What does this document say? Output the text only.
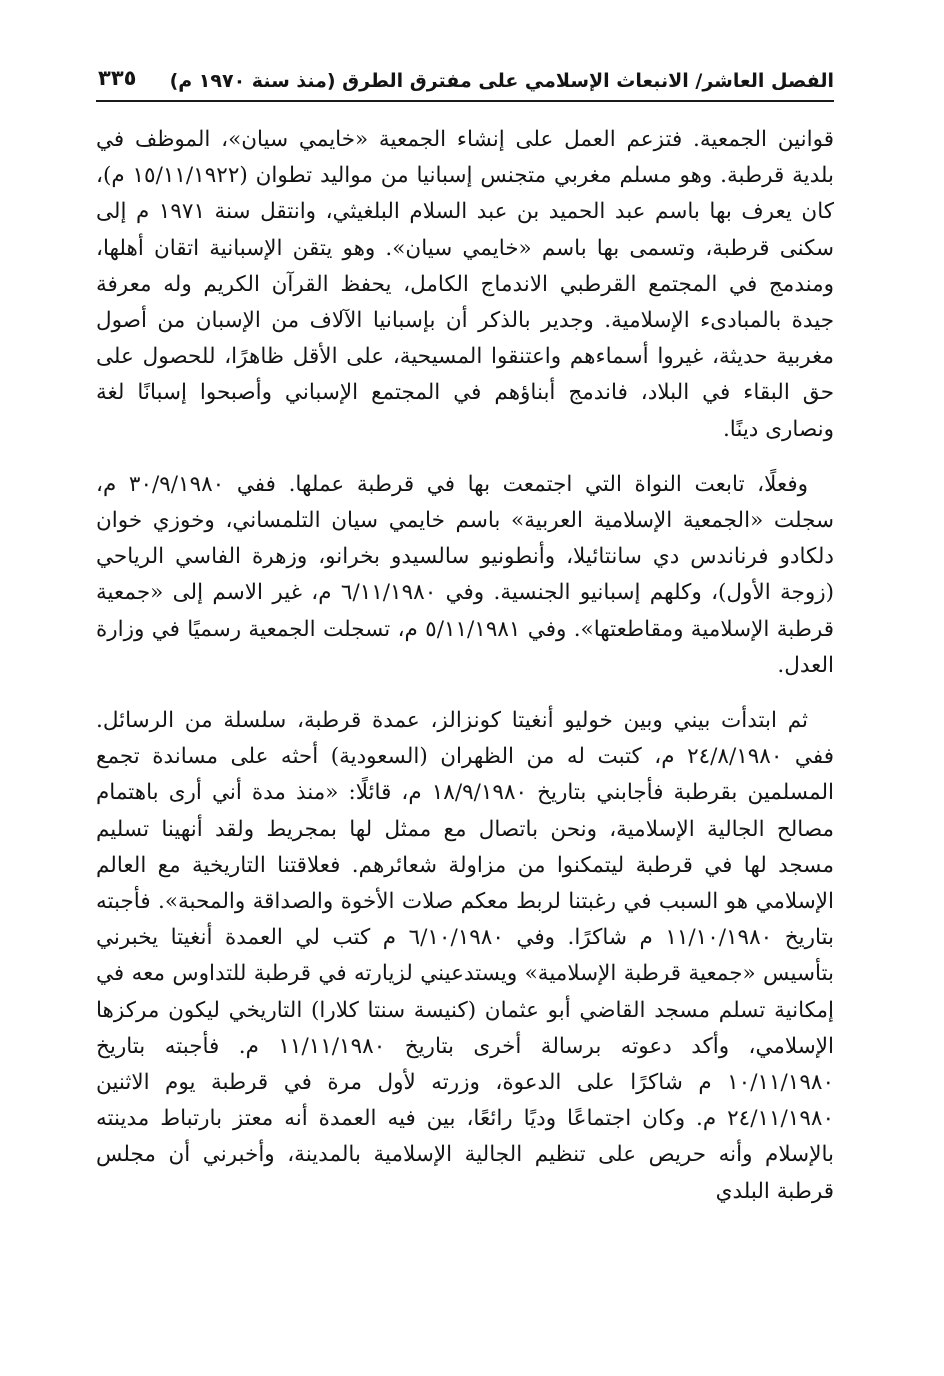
الفصل العاشر/ الانبعاث الإسلامي على مفترق الطرق (منذ سنة ١٩٧٠ م)
٣٣٥

قوانين الجمعية. فتزعم العمل على إنشاء الجمعية «خايمي سيان»، الموظف في بلدية قرطبة. وهو مسلم مغربي متجنس إسبانيا من مواليد تطوان (١٥/١١/١٩٢٢ م)، كان يعرف بها باسم عبد الحميد بن عبد السلام البلغيثي، وانتقل سنة ١٩٧١ م إلى سكنى قرطبة، وتسمى بها باسم «خايمي سيان». وهو يتقن الإسبانية اتقان أهلها، ومندمج في المجتمع القرطبي الاندماج الكامل، يحفظ القرآن الكريم وله معرفة جيدة بالمبادىء الإسلامية. وجدير بالذكر أن بإسبانيا الآلاف من الإسبان من أصول مغربية حديثة، غيروا أسماءهم واعتنقوا المسيحية، على الأقل ظاهرًا، للحصول على حق البقاء في البلاد، فاندمج أبناؤهم في المجتمع الإسباني وأصبحوا إسبانًا لغة ونصارى دينًا.

وفعلًا، تابعت النواة التي اجتمعت بها في قرطبة عملها. ففي ٣٠/٩/١٩٨٠ م، سجلت «الجمعية الإسلامية العربية» باسم خايمي سيان التلمساني، وخوزي خوان دلكادو فرناندس دي سانتائيلا، وأنطونيو سالسيدو بخرانو، وزهرة الفاسي الرياحي (زوجة الأول)، وكلهم إسبانيو الجنسية. وفي ٦/١١/١٩٨٠ م، غير الاسم إلى «جمعية قرطبة الإسلامية ومقاطعتها». وفي ٥/١١/١٩٨١ م، تسجلت الجمعية رسميًا في وزارة العدل.

ثم ابتدأت بيني وبين خوليو أنغيتا كونزالز، عمدة قرطبة، سلسلة من الرسائل. ففي ٢٤/٨/١٩٨٠ م، كتبت له من الظهران (السعودية) أحثه على مساندة تجمع المسلمين بقرطبة فأجابني بتاريخ ١٨/٩/١٩٨٠ م، قائلًا: «منذ مدة أني أرى باهتمام مصالح الجالية الإسلامية، ونحن باتصال مع ممثل لها بمجريط ولقد أنهينا تسليم مسجد لها في قرطبة ليتمكنوا من مزاولة شعائرهم. فعلاقتنا التاريخية مع العالم الإسلامي هو السبب في رغبتنا لربط معكم صلات الأخوة والصداقة والمحبة». فأجبته بتاريخ ١١/١٠/١٩٨٠ م شاكرًا. وفي ٦/١٠/١٩٨٠ م كتب لي العمدة أنغيتا يخبرني بتأسيس «جمعية قرطبة الإسلامية» ويستدعيني لزيارته في قرطبة للتداوس معه في إمكانية تسلم مسجد القاضي أبو عثمان (كنيسة سنتا كلارا) التاريخي ليكون مركزها الإسلامي، وأكد دعوته برسالة أخرى بتاريخ ١١/١١/١٩٨٠ م. فأجبته بتاريخ ١٠/١١/١٩٨٠ م شاكرًا على الدعوة، وزرته لأول مرة في قرطبة يوم الاثنين ٢٤/١١/١٩٨٠ م. وكان اجتماعًا وديًا رائعًا، بين فيه العمدة أنه معتز بارتباط مدينته بالإسلام وأنه حريص على تنظيم الجالية الإسلامية بالمدينة، وأخبرني أن مجلس قرطبة البلدي
